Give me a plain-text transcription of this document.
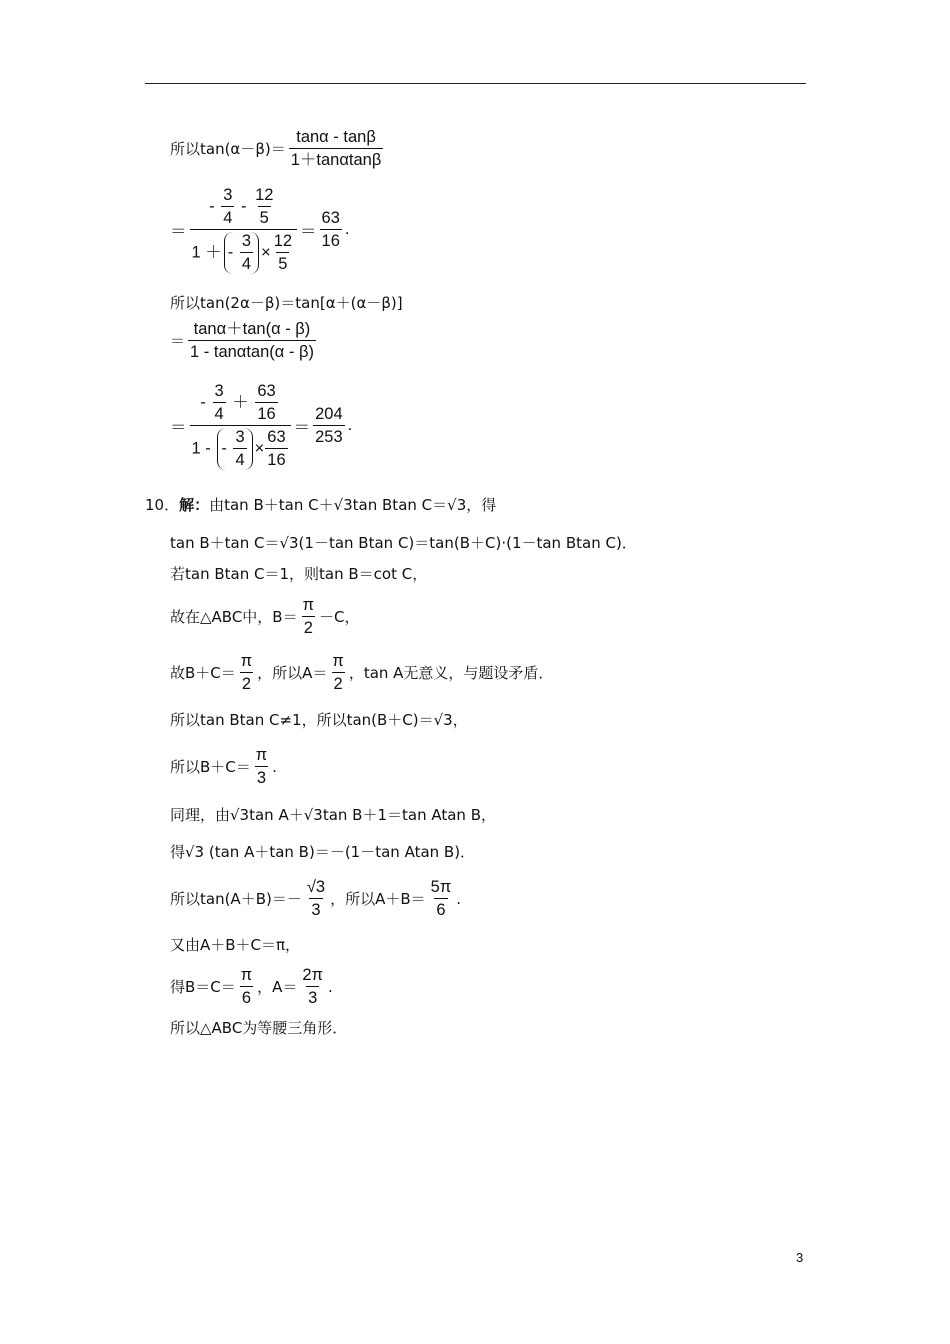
所以$\tan(\alpha-\beta)= \frac{\tan\alpha - \tan\beta}{1+\tan\alpha\tan\beta}$
＝ $\frac{- \frac{3}{4} - \frac{12}{5}}{1 +- \frac{3}{4} \times \frac{12}{5}} = \frac{63}{16}$ .
所以tan(2α－β)＝tan[α＋(α－β)]
＝ $\frac{\tan\alpha+\tan(\alpha - \beta)}{1 - \tan\alpha\tan(\alpha - \beta)}$
＝ $\frac{- \frac{3}{4} + \frac{63}{16}}{1 - - \frac{3}{4} \times \frac{63}{16}} = \frac{204}{253}$ .
10． 解： 由tan B＋tan C＋√3tan Btan C＝√3，得
tan B＋tan C＝√3(1－tan Btan C)＝tan(B＋C)·(1－tan Btan C)．
若tan Btan C＝1，则tan B＝cot C，
故在△ABC中，$B= \frac{\pi}{2} -C$，
故$B+C= \frac{\pi}{2}$ ，所以$A= \frac{\pi}{2}$ ，tan A无意义，与题设矛盾．
所以tan Btan C≠1，所以tan(B＋C)＝√3，
所以$B+C= \frac{\pi}{3}$ .
同理，由√3tan A＋√3tan B＋1＝tan Atan B，
得√3 (tan A＋tan B)＝－(1－tan Atan B)．
所以$\tan(A+B)=- \frac{√3}{3}$ ，所以$A+B= \frac{5\pi}{6}$ .
又由A＋B＋C＝π，
得$B=C= \frac{\pi}{6}$ ，$A= \frac{2\pi}{3}$ .
所以△ABC为等腰三角形．
3
